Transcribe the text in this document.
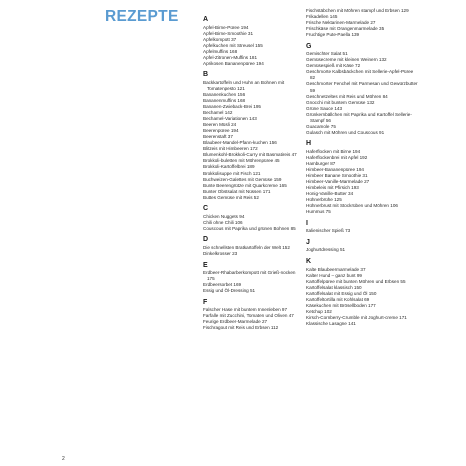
REZEPTE	A
Apfel-Birne-Püree 194
Apfel-Birne-Smoothie 31
Apfelkompott 37
Apfelkuchen mit Streusel 155
Apfelmuffins 168
Apfel-Zitronen-Muffins 181
Aprikosen Bananenpüree 194
B
Backkartoffeln und Huhn an Bohnen mit Tomatenpesto 121
Bananenkuchen 156
Bananenmuffins 168
Bananen-Zwieback-Brei 195
Bechamel 142
Bechamel-Variationen 143
Beeren Müsli 24
Beerenpüree 194
Beerenstaft 37
Blaubeer-Mandel-Pfann-kuchen 156
Blitzeis mit Himbeeren 172
Blumenkohl-Brokkoli-Curry mit Basmatireis 47
Brokkoli-buletten mit Möhrenpüree 45
Brokkoli-Kartoffelbrei 189
Brokkolisuppe mit Fisch 121
Buchweizen-Galettes mit Gemüse 159
Bunte Beerengrütze mit Quarkcreme 165
Bunter Obstsalat mit Nüssen 171
Buttes Gemüse mit Reis 52
C
Chicken Nuggets 94
Chili ohne Chili 106
Couscous mit Paprika und grünen Bohnen 85
D
Die schnellsten Bratkartoffeln der Welt 152
Dinkelkrosser 23
E
Erdbeer-Rhabarberkompott mit Grieß-nocken 175
Erdbeersorbet 169
Essig und Öl-Dressing 51
F
Falscher Hase mit buntem Innenleben 97
Farfalle mit Zucchini, Tomaten und Oliven 47
Feurige Erdbeer-Marmelade 27
Fischragout mit Reis und Erbsen 112
Fischstäbchen mit Möhren stampf und Erbsen 129
Frikadellen 145
Frische Nektarinen-Marmelade 27
Frischkäse mit Orangenmarmelade 35
Fruchtige Pute-Paella 139
G
Gemischter Salat 51
Gemüsecreme mit kleinen Weinern 132
Gemüsespieß mit Käse 72
Geschmorte Kalbsbäckchen mit Sellerie-Apfel-Püree 82
Geschmorter Fenchel mit Parmesan und Gewürzbutter 59
Geschnetzeltes mit Reis und Möhren 84
Gnocchi mit buntem Gemüse 132
Grüne Sauce 143
Grünkernbällchen mit Paprika und Kartoffel Sellerie-Stampf 56
Guacamole 75
Gulasch mit Möhren und Couscous 91
H
Haferflocken mit Birne 194
Haferflockenbrei mit Apfel 192
Hamburger 87
Himbeer-Bananenpüree 194
Himbeer Banane Smoothie 31
Himbeer-Vanille-Marmelade 27
Himbeleis mit Pfirsich 193
Honig-Vanille-Butter 34
Hühnerbrühe 125
Hühnerbrust mit Stockrüben und Möhren 106
Hummus 75
I
Italienischer Spieß 73
J
Joghurtdressing 51
K
Kalte Blaubeermarmelade 37
Kalter Hund – ganz bunt 99
Kartoffelpüree mit bunten Möhren und Erbsen 55
Kartoffelsalat klassisch 150
Kartoffelsalat mit Essig und Öl 150
Kartoffeltortilla mit Kohlsalat 69
Käsekuchen mit Brösellboden 177
Ketchup 102
Kirsch-Cornberry-Crumble mit Joghurt-creme 171
Klassische Lasagne 141
2
